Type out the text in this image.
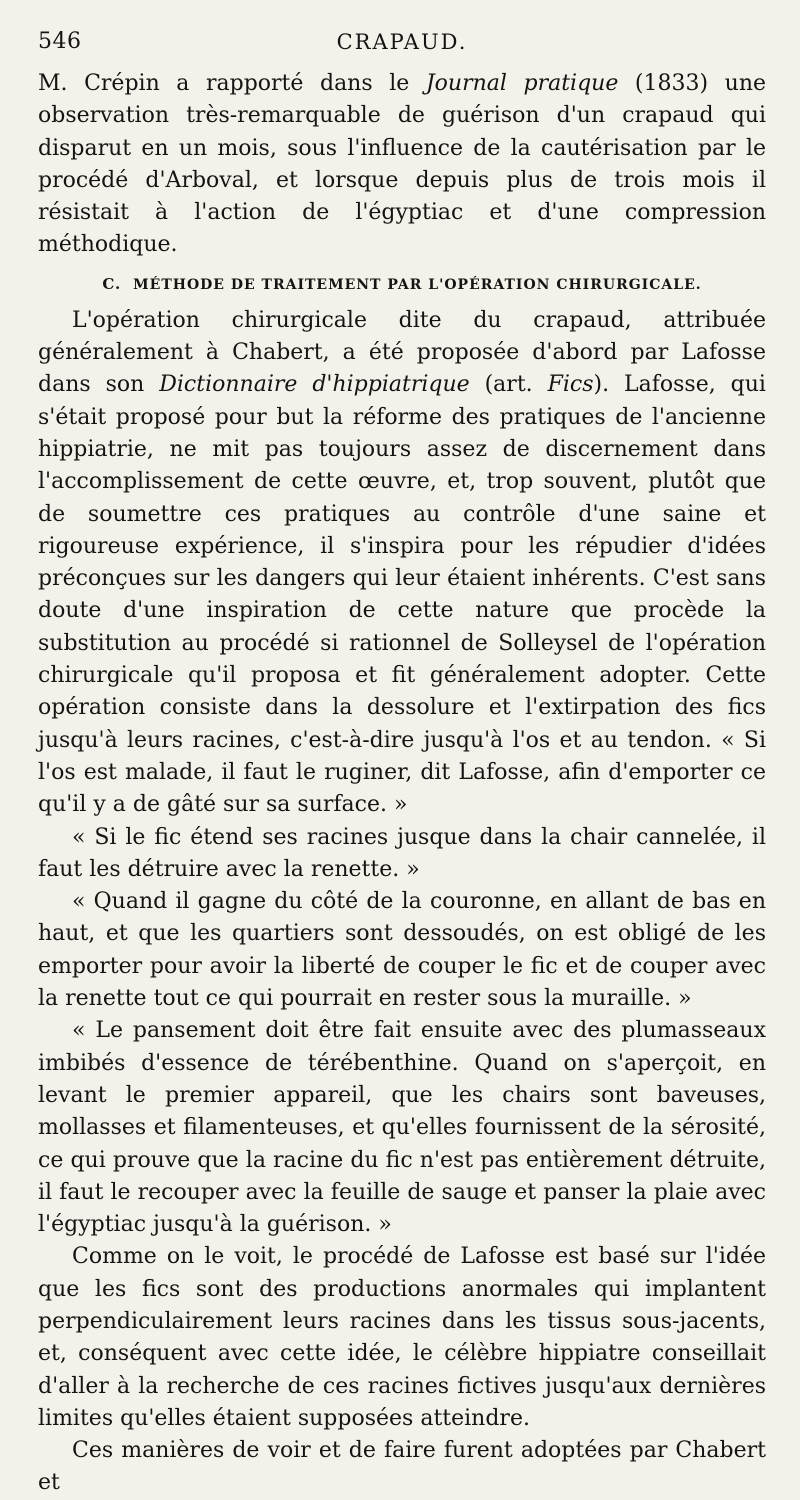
546	CRAPAUD.

M. Crépin a rapporté dans le Journal pratique (1833) une observation très-remarquable de guérison d'un crapaud qui disparut en un mois, sous l'influence de la cautérisation par le procédé d'Arboval, et lorsque depuis plus de trois mois il résistait à l'action de l'égyptiac et d'une compression méthodique.

C. MÉTHODE DE TRAITEMENT PAR L'OPÉRATION CHIRURGICALE.

L'opération chirurgicale dite du crapaud, attribuée généralement à Chabert, a été proposée d'abord par Lafosse dans son Dictionnaire d'hippiatrique (art. Fics). Lafosse, qui s'était proposé pour but la réforme des pratiques de l'ancienne hippiatrie, ne mit pas toujours assez de discernement dans l'accomplissement de cette œuvre, et, trop souvent, plutôt que de soumettre ces pratiques au contrôle d'une saine et rigoureuse expérience, il s'inspira pour les répudier d'idées préconçues sur les dangers qui leur étaient inhérents. C'est sans doute d'une inspiration de cette nature que procède la substitution au procédé si rationnel de Solleysel de l'opération chirurgicale qu'il proposa et fit généralement adopter. Cette opération consiste dans la dessolure et l'extirpation des fics jusqu'à leurs racines, c'est-à-dire jusqu'à l'os et au tendon. « Si l'os est malade, il faut le ruginer, dit Lafosse, afin d'emporter ce qu'il y a de gâté sur sa surface. »

« Si le fic étend ses racines jusque dans la chair cannelée, il faut les détruire avec la renette. »

« Quand il gagne du côté de la couronne, en allant de bas en haut, et que les quartiers sont dessoudés, on est obligé de les emporter pour avoir la liberté de couper le fic et de couper avec la renette tout ce qui pourrait en rester sous la muraille. »

« Le pansement doit être fait ensuite avec des plumasseaux imbibés d'essence de térébenthine. Quand on s'aperçoit, en levant le premier appareil, que les chairs sont baveuses, mollasses et filamenteuses, et qu'elles fournissent de la sérosité, ce qui prouve que la racine du fic n'est pas entièrement détruite, il faut le recouper avec la feuille de sauge et panser la plaie avec l'égyptiac jusqu'à la guérison. »

Comme on le voit, le procédé de Lafosse est basé sur l'idée que les fics sont des productions anormales qui implantent perpendiculairement leurs racines dans les tissus sous-jacents, et, conséquent avec cette idée, le célèbre hippiatre conseillait d'aller à la recherche de ces racines fictives jusqu'aux dernières limites qu'elles étaient supposées atteindre.

Ces manières de voir et de faire furent adoptées par Chabert et
